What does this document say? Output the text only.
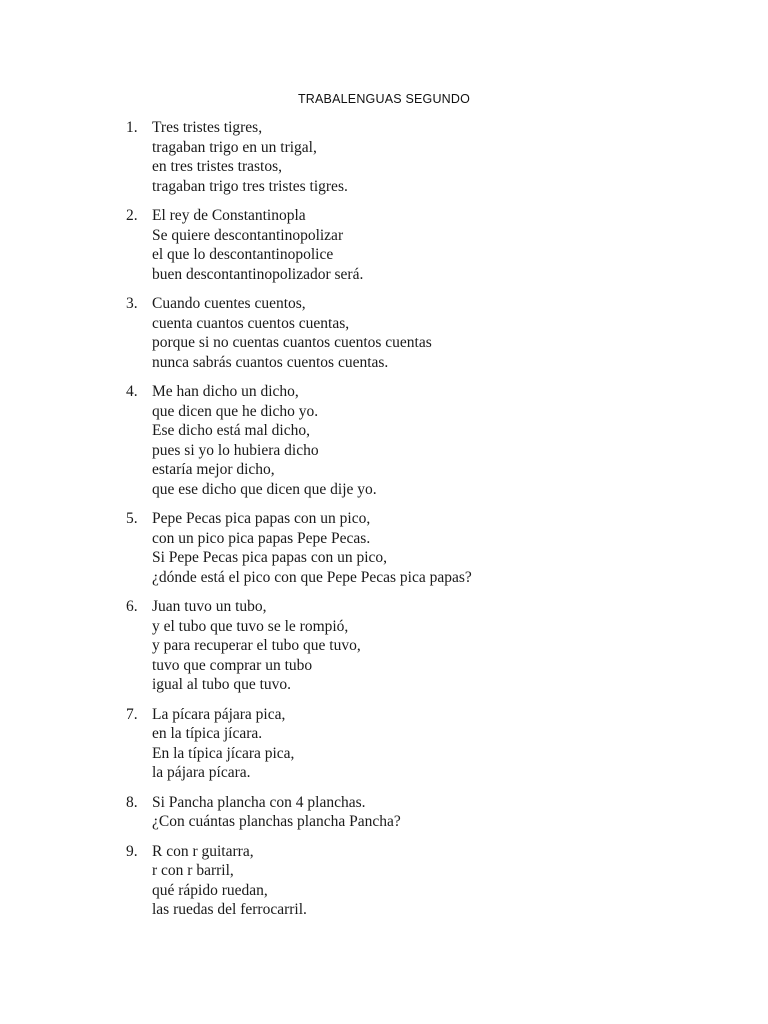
TRABALENGUAS SEGUNDO
1. Tres tristes tigres,
tragaban trigo en un trigal,
en tres tristes trastos,
tragaban trigo tres tristes tigres.
2. El rey de Constantinopla
Se quiere descontantinopolizar
el que lo descontantinopolice
buen descontantinopolizador será.
3. Cuando cuentes cuentos,
cuenta cuantos cuentos cuentas,
porque si no cuentas cuantos cuentos cuentas
nunca sabrás cuantos cuentos cuentas.
4. Me han dicho un dicho,
que dicen que he dicho yo.
Ese dicho está mal dicho,
pues si yo lo hubiera dicho
estaría mejor dicho,
que ese dicho que dicen que dije yo.
5. Pepe Pecas pica papas con un pico,
con un pico pica papas Pepe Pecas.
Si Pepe Pecas pica papas con un pico,
¿dónde está el pico con que Pepe Pecas pica papas?
6. Juan tuvo un tubo,
y el tubo que tuvo se le rompió,
y para recuperar el tubo que tuvo,
tuvo que comprar un tubo
igual al tubo que tuvo.
7. La pícara pájara pica,
en la típica jícara.
En la típica jícara pica,
la pájara pícara.
8. Si Pancha plancha con 4 planchas.
¿Con cuántas planchas plancha Pancha?
9. R con r guitarra,
r con r barril,
qué rápido ruedan,
las ruedas del ferrocarril.
